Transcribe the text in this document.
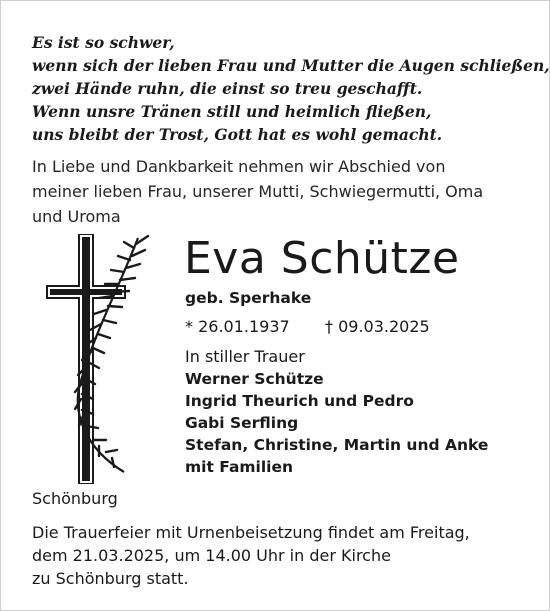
Es ist so schwer,
wenn sich der lieben Frau und Mutter die Augen schließen,
zwei Hände ruhn, die einst so treu geschafft.
Wenn unsre Tränen still und heimlich fließen,
uns bleibt der Trost, Gott hat es wohl gemacht.
In Liebe und Dankbarkeit nehmen wir Abschied von
meiner lieben Frau, unserer Mutti, Schwiegermutti, Oma
und Uroma
Eva Schütze
geb. Sperhake
* 26.01.1937 † 09.03.2025
In stiller Trauer
Werner Schütze
Ingrid Theurich und Pedro
Gabi Serfling
Stefan, Christine, Martin und Anke
mit Familien
Schönburg
Die Trauerfeier mit Urnenbeisetzung findet am Freitag,
dem 21.03.2025, um 14.00 Uhr in der Kirche
zu Schönburg statt.
